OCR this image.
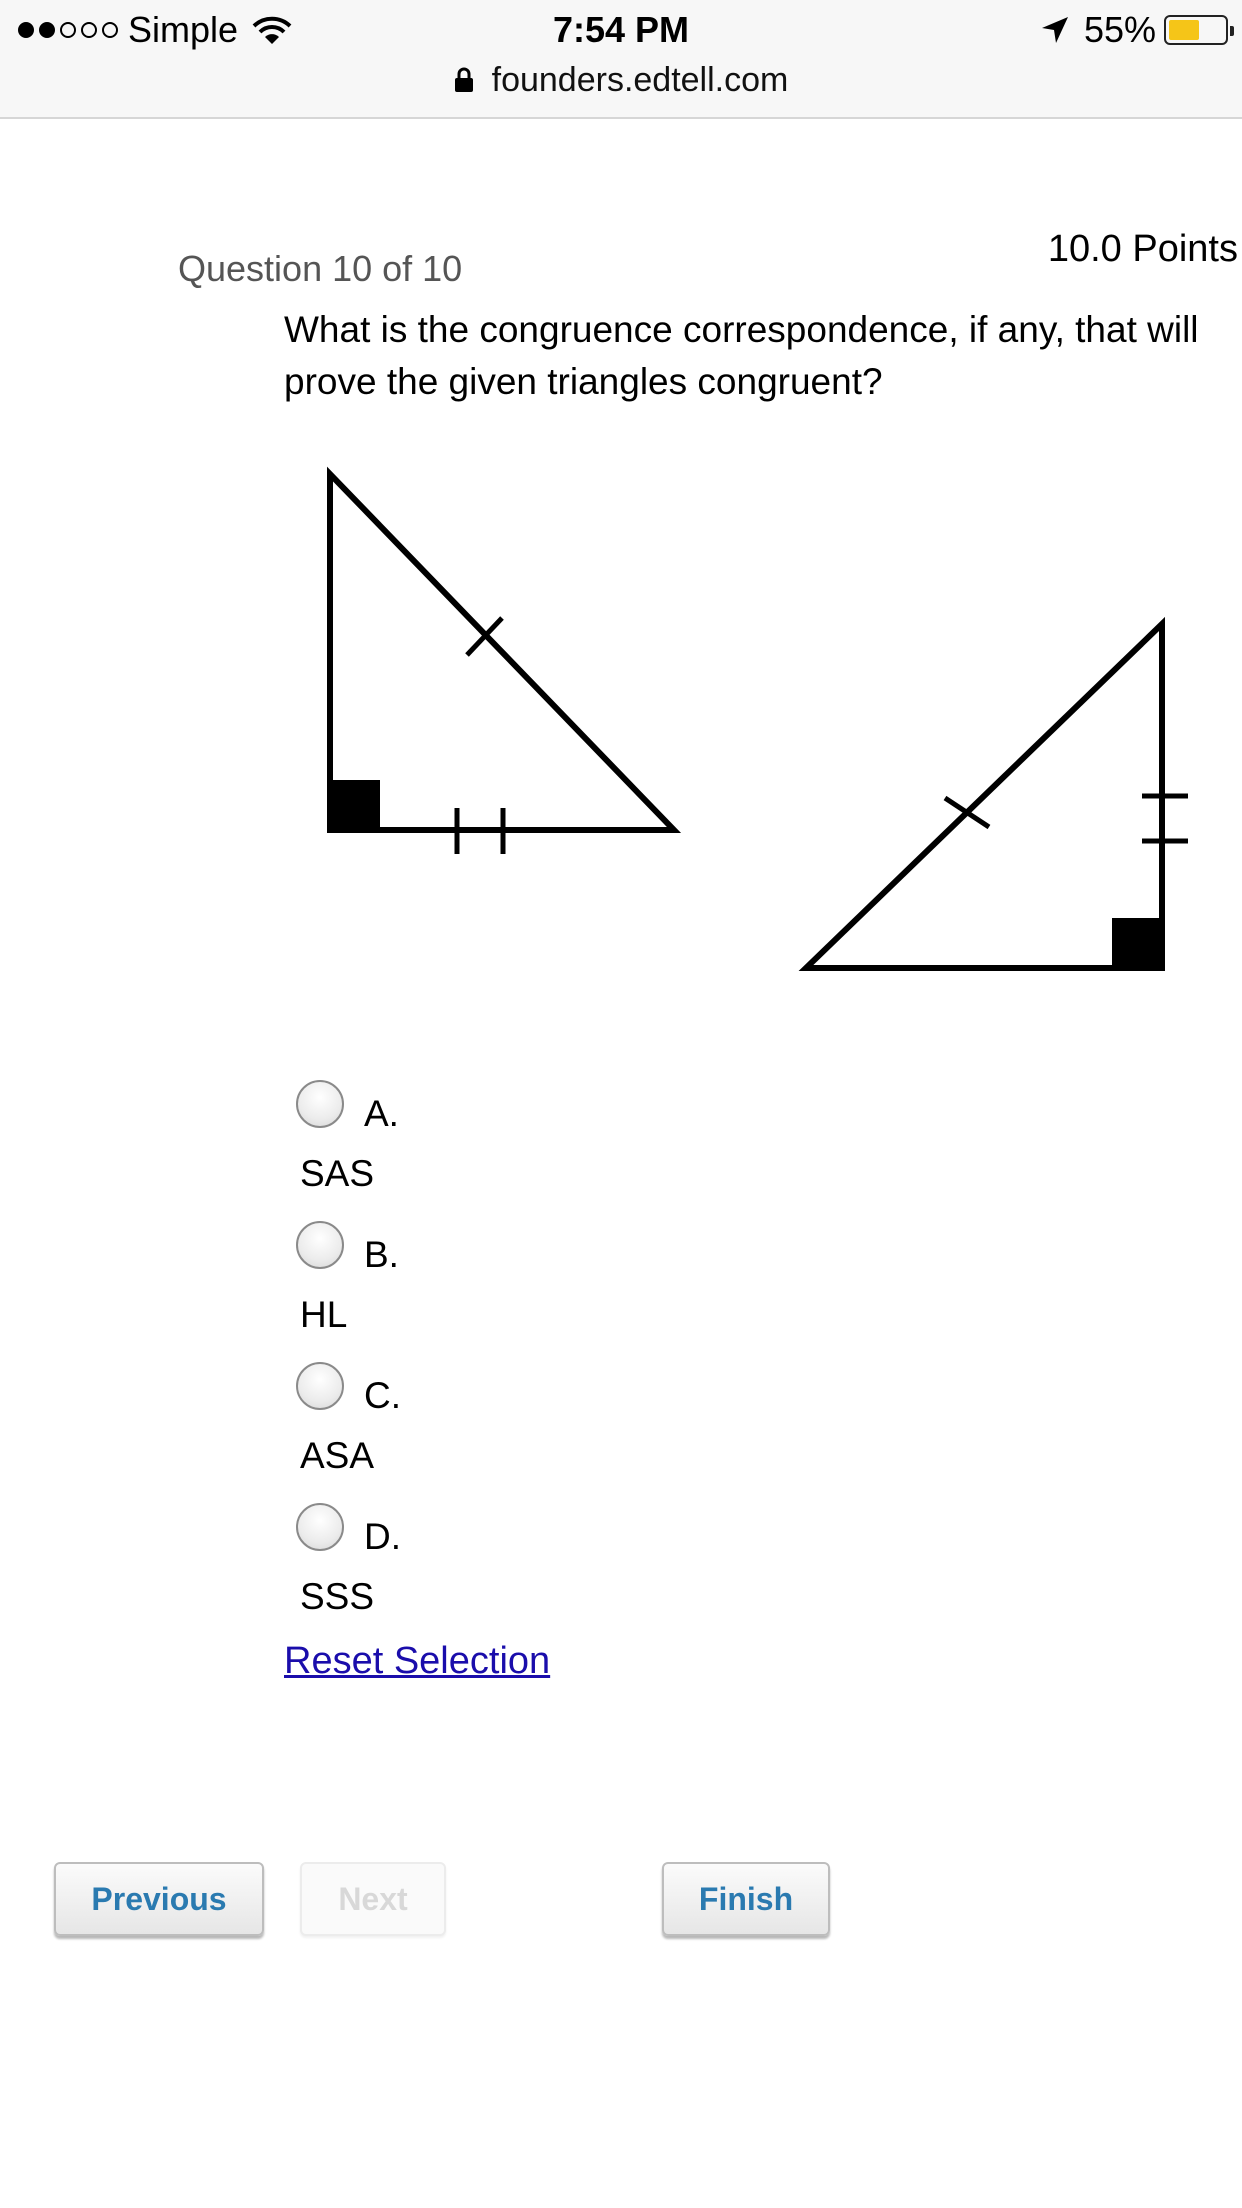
Simple	7:54 PM	55%
founders.edtell.com
Question 10 of 10	10.0 Points
What is the congruence correspondence, if any, that will prove the given triangles congruent?
A.
SAS
B.
HL
C.
ASA
D.
SSS
Reset Selection
Previous	Next	Finish
